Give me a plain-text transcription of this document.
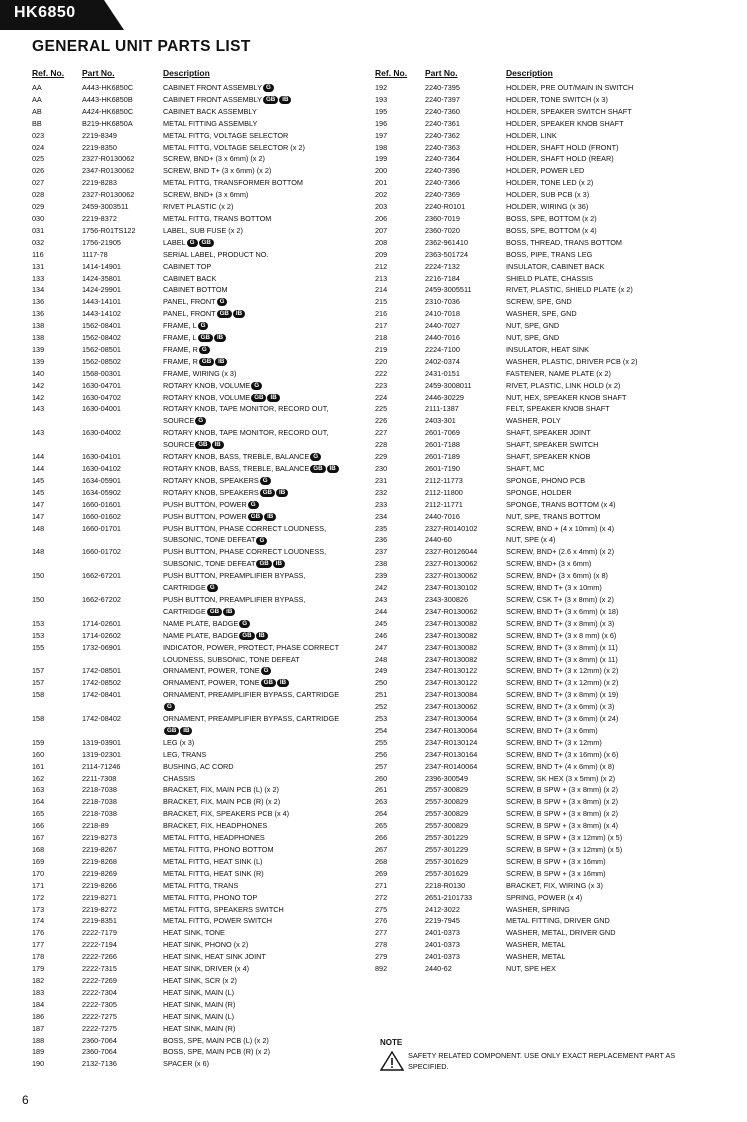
HK6850
GENERAL UNIT PARTS LIST
Ref. No.	Part No.	Description
AA	A443-HK6850C	CABINET FRONT ASSEMBLY G
AA	A443-HK6850B	CABINET FRONT ASSEMBLY GB IB
AB	A424-HK6850C	CABINET BACK ASSEMBLY
BB	B219-HK6850A	METAL FITTING ASSEMBLY
023	2219-8349	METAL FITTG, VOLTAGE SELECTOR
024	2219-8350	METAL FITTG, VOLTAGE SELECTOR (x 2)
025	2327-R0130062	SCREW, BND+ (3 x 6mm) (x 2)
026	2347-R0130062	SCREW, BND T+ (3 x 6mm) (x 2)
027	2219-8283	METAL FITTG, TRANSFORMER BOTTOM
028	2327-R0130062	SCREW, BND+ (3 x 6mm)
029	2459-3003511	RIVET PLASTIC (x 2)
030	2219-8372	METAL FITTG, TRANS BOTTOM
031	1756-R01TS122	LABEL, SUB FUSE (x 2)
032	1756-21905	LABEL G GB
116	1117-78	SERIAL LABEL, PRODUCT NO.
131	1414-14901	CABINET TOP
133	1424-35801	CABINET BACK
134	1424-29901	CABINET BOTTOM
136	1443-14101	PANEL, FRONT G
136	1443-14102	PANEL, FRONT GB IB
138	1562-08401	FRAME, L G
138	1562-08402	FRAME, L GB IB
139	1562-08501	FRAME, R G
139	1562-08502	FRAME, R GB IB
140	1568-00301	FRAME, WIRING (x 3)
142	1630-04701	ROTARY KNOB, VOLUME G
142	1630-04702	ROTARY KNOB, VOLUME GB IB
143	1630-04001	ROTARY KNOB, TAPE MONITOR, RECORD OUT,
SOURCE G
143	1630-04002	ROTARY KNOB, TAPE MONITOR, RECORD OUT,
SOURCE GB IB
144	1630-04101	ROTARY KNOB, BASS, TREBLE, BALANCE G
144	1630-04102	ROTARY KNOB, BASS, TREBLE, BALANCE GB IB
145	1634-05901	ROTARY KNOB, SPEAKERS G
145	1634-05902	ROTARY KNOB, SPEAKERS GB IB
147	1660-01601	PUSH BUTTON, POWER G
147	1660-01602	PUSH BUTTON, POWER GB IB
148	1660-01701	PUSH BUTTON, PHASE CORRECT LOUDNESS,
SUBSONIC, TONE DEFEAT G
148	1660-01702	PUSH BUTTON, PHASE CORRECT LOUDNESS,
SUBSONIC, TONE DEFEAT GB IB
150	1662-67201	PUSH BUTTON, PREAMPLIFIER BYPASS,
CARTRIDGE G
150	1662-67202	PUSH BUTTON, PREAMPLIFIER BYPASS,
CARTRIDGE GB IB
153	1714-02601	NAME PLATE, BADGE G
153	1714-02602	NAME PLATE, BADGE GB IB
155	1732-06901	INDICATOR, POWER, PROTECT, PHASE CORRECT
LOUDNESS, SUBSONIC, TONE DEFEAT
157	1742-08501	ORNAMENT, POWER, TONE G
157	1742-08502	ORNAMENT, POWER, TONE GB IB
158	1742-08401	ORNAMENT, PREAMPLIFIER BYPASS, CARTRIDGE
G
158	1742-08402	ORNAMENT, PREAMPLIFIER BYPASS, CARTRIDGE
GB IB
159	1319-03901	LEG (x 3)
160	1319-02301	LEG, TRANS
161	2114-71246	BUSHING, AC CORD
162	2211-7308	CHASSIS
163	2218-7038	BRACKET, FIX, MAIN PCB (L) (x 2)
164	2218-7038	BRACKET, FIX, MAIN PCB (R) (x 2)
165	2218-7038	BRACKET, FIX, SPEAKERS PCB (x 4)
166	2218-89	BRACKET, FIX, HEADPHONES
167	2219-8273	METAL FITTG, HEADPHONES
168	2219-8267	METAL FITTG, PHONO BOTTOM
169	2219-8268	METAL FITTG, HEAT SINK (L)
170	2219-8269	METAL FITTG, HEAT SINK (R)
171	2219-8266	METAL FITTG, TRANS
172	2219-8271	METAL FITTG, PHONO TOP
173	2219-8272	METAL FITTG, SPEAKERS SWITCH
174	2219-8351	METAL FITTG, POWER SWITCH
176	2222-7179	HEAT SINK, TONE
177	2222-7194	HEAT SINK, PHONO (x 2)
178	2222-7266	HEAT SINK, HEAT SINK JOINT
179	2222-7315	HEAT SINK, DRIVER (x 4)
182	2222-7269	HEAT SINK, SCR (x 2)
183	2222-7304	HEAT SINK, MAIN (L)
184	2222-7305	HEAT SINK, MAIN (R)
186	2222-7275	HEAT SINK, MAIN (L)
187	2222-7275	HEAT SINK, MAIN (R)
188	2360-7064	BOSS, SPE, MAIN PCB (L) (x 2)
189	2360-7064	BOSS, SPE, MAIN PCB (R) (x 2)
190	2132-7136	SPACER (x 6)
Ref. No.	Part No.	Description
192	2240-7395	HOLDER, PRE OUT/MAIN IN SWITCH
193	2240-7397	HOLDER, TONE SWITCH (x 3)
195	2240-7360	HOLDER, SPEAKER SWITCH SHAFT
196	2240-7361	HOLDER, SPEAKER KNOB SHAFT
197	2240-7362	HOLDER, LINK
198	2240-7363	HOLDER, SHAFT HOLD (FRONT)
199	2240-7364	HOLDER, SHAFT HOLD (REAR)
200	2240-7396	HOLDER, POWER LED
201	2240-7366	HOLDER, TONE LED (x 2)
202	2240-7369	HOLDER, SUB PCB (x 3)
203	2240-R0101	HOLDER, WIRING (x 36)
206	2360-7019	BOSS, SPE, BOTTOM (x 2)
207	2360-7020	BOSS, SPE, BOTTOM (x 4)
208	2362-961410	BOSS, THREAD, TRANS BOTTOM
209	2363-501724	BOSS, PIPE, TRANS LEG
212	2224-7132	INSULATOR, CABINET BACK
213	2216-7184	SHIELD PLATE, CHASSIS
214	2459-3005511	RIVET, PLASTIC, SHIELD PLATE (x 2)
215	2310-7036	SCREW, SPE, GND
216	2410-7018	WASHER, SPE, GND
217	2440-7027	NUT, SPE, GND
218	2440-7016	NUT, SPE, GND
219	2224-7100	INSULATOR, HEAT SINK
220	2402-0374	WASHER, PLASTIC, DRIVER PCB (x 2)
222	2431-0151	FASTENER, NAME PLATE (x 2)
223	2459-3008011	RIVET, PLASTIC, LINK HOLD (x 2)
224	2446-30229	NUT, HEX, SPEAKER KNOB SHAFT
225	2111-1387	FELT, SPEAKER KNOB SHAFT
226	2403-301	WASHER, POLY
227	2601-7069	SHAFT, SPEAKER JOINT
228	2601-7188	SHAFT, SPEAKER SWITCH
229	2601-7189	SHAFT, SPEAKER KNOB
230	2601-7190	SHAFT, MC
231	2112-11773	SPONGE, PHONO PCB
232	2112-11800	SPONGE, HOLDER
233	2112-11771	SPONGE, TRANS BOTTOM (x 4)
234	2440-7016	NUT, SPE, TRANS BOTTOM
235	2327-R0140102	SCREW, BND + (4 x 10mm) (x 4)
236	2440-60	NUT, SPE (x 4)
237	2327-R0126044	SCREW, BND+ (2.6 x 4mm) (x 2)
238	2327-R0130062	SCREW, BND+ (3 x 6mm)
239	2327-R0130062	SCREW, BND+ (3 x 6mm) (x 8)
242	2347-R0130102	SCREW, BND T+ (3 x 10mm)
243	2343-300826	SCREW, CSK T+ (3 x 8mm) (x 2)
244	2347-R0130062	SCREW, BND T+ (3 x 6mm) (x 18)
245	2347-R0130082	SCREW, BND T+ (3 x 8mm) (x 3)
246	2347-R0130082	SCREW, BND T+ (3 x 8 mm) (x 6)
247	2347-R0130082	SCREW, BND T+ (3 x 8mm) (x 11)
248	2347-R0130082	SCREW, BND T+ (3 x 8mm) (x 11)
249	2347-R0130122	SCREW, BND T+ (3 x 12mm) (x 2)
250	2347-R0130122	SCREW, BND T+ (3 x 12mm) (x 2)
251	2347-R0130084	SCREW, BND T+ (3 x 8mm) (x 19)
252	2347-R0130062	SCREW, BND T+ (3 x 6mm) (x 3)
253	2347-R0130064	SCREW, BND T+ (3 x 6mm) (x 24)
254	2347-R0130064	SCREW, BND T+ (3 x 6mm)
255	2347-R0130124	SCREW, BND T+ (3 x 12mm)
256	2347-R0130164	SCREW, BND T+ (3 x 16mm) (x 6)
257	2347-R0140064	SCREW, BND T+ (4 x 6mm) (x 8)
260	2396-300549	SCREW, SK HEX (3 x 5mm) (x 2)
261	2557-300829	SCREW, B SPW + (3 x 8mm) (x 2)
263	2557-300829	SCREW, B SPW + (3 x 8mm) (x 2)
264	2557-300829	SCREW, B SPW + (3 x 8mm) (x 2)
265	2557-300829	SCREW, B SPW + (3 x 8mm) (x 4)
266	2557-301229	SCREW, B SPW + (3 x 12mm) (x 5)
267	2557-301229	SCREW, B SPW + (3 x 12mm) (x 5)
268	2557-301629	SCREW, B SPW + (3 x 16mm)
269	2557-301629	SCREW, B SPW + (3 x 16mm)
271	2218-R0130	BRACKET, FIX, WIRING (x 3)
272	2651-2101733	SPRING, POWER (x 4)
275	2412-3022	WASHER, SPRING
276	2219-7945	METAL FITTING, DRIVER GND
277	2401-0373	WASHER, METAL, DRIVER GND
278	2401-0373	WASHER, METAL
279	2401-0373	WASHER, METAL
892	2440-62	NUT, SPE HEX
NOTE
SAFETY RELATED COMPONENT. USE ONLY EXACT REPLACEMENT PART AS SPECIFIED.
6
